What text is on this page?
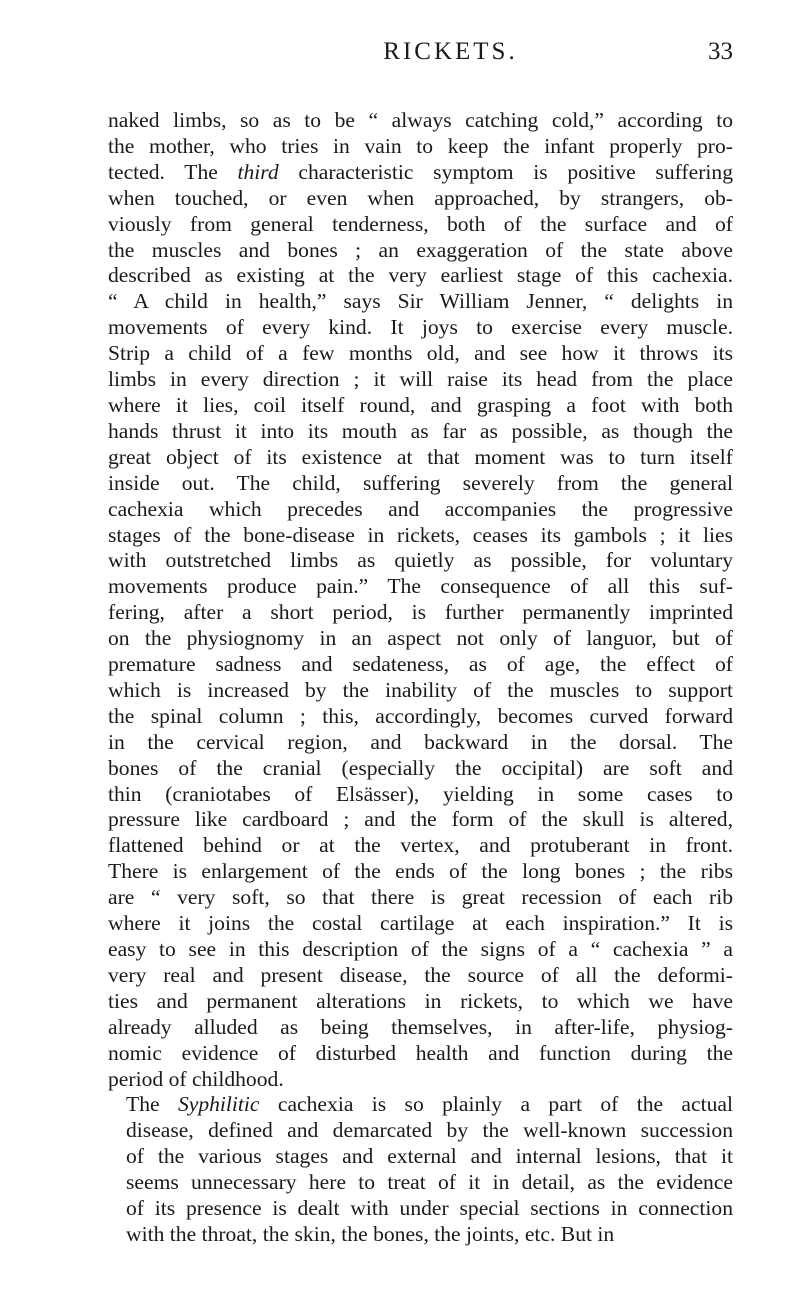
RICKETS.	33

naked limbs, so as to be “ always catching cold,” according to
the mother, who tries in vain to keep the infant properly pro-
tected. The third characteristic symptom is positive suffering
when touched, or even when approached, by strangers, ob-
viously from general tenderness, both of the surface and of
the muscles and bones ; an exaggeration of the state above
described as existing at the very earliest stage of this cachexia.
“ A child in health,” says Sir William Jenner, “ delights in
movements of every kind. It joys to exercise every muscle.
Strip a child of a few months old, and see how it throws its
limbs in every direction ; it will raise its head from the place
where it lies, coil itself round, and grasping a foot with both
hands thrust it into its mouth as far as possible, as though the
great object of its existence at that moment was to turn itself
inside out. The child, suffering severely from the general
cachexia which precedes and accompanies the progressive
stages of the bone-disease in rickets, ceases its gambols ; it lies
with outstretched limbs as quietly as possible, for voluntary
movements produce pain.” The consequence of all this suf-
fering, after a short period, is further permanently imprinted
on the physiognomy in an aspect not only of languor, but of
premature sadness and sedateness, as of age, the effect of
which is increased by the inability of the muscles to support
the spinal column ; this, accordingly, becomes curved forward
in the cervical region, and backward in the dorsal. The
bones of the cranial (especially the occipital) are soft and
thin (craniotabes of Elsässer), yielding in some cases to
pressure like cardboard ; and the form of the skull is altered,
flattened behind or at the vertex, and protuberant in front.
There is enlargement of the ends of the long bones ; the ribs
are “ very soft, so that there is great recession of each rib
where it joins the costal cartilage at each inspiration.” It is
easy to see in this description of the signs of a “ cachexia ” a
very real and present disease, the source of all the deformi-
ties and permanent alterations in rickets, to which we have
already alluded as being themselves, in after-life, physiog-
nomic evidence of disturbed health and function during the
period of childhood.

The Syphilitic cachexia is so plainly a part of the actual
disease, defined and demarcated by the well-known succession
of the various stages and external and internal lesions, that it
seems unnecessary here to treat of it in detail, as the evidence
of its presence is dealt with under special sections in connection
with the throat, the skin, the bones, the joints, etc. But in
